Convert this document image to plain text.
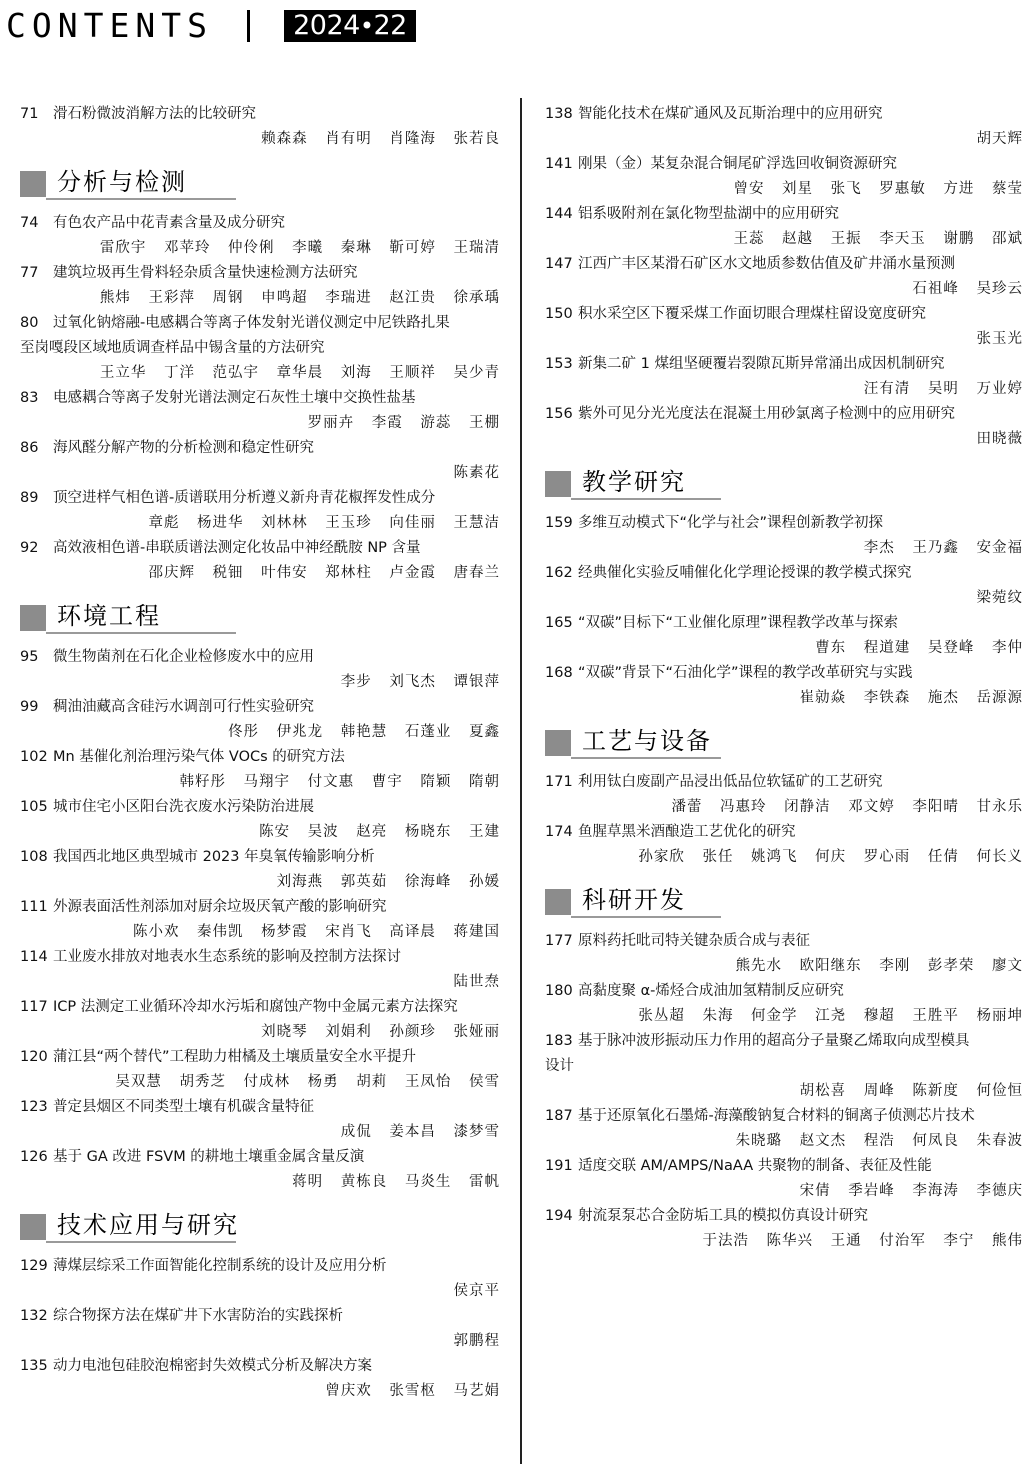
CONTENTS	2024•22
71 滑石粉微波消解方法的比较研究
赖森森 肖有明 肖隆海 张若良
分析与检测
74 有色农产品中花青素含量及成分研究
雷欣宇 邓苹玲 仲伶俐 李曦 秦琳 靳可婷 王瑞清
77 建筑垃圾再生骨料轻杂质含量快速检测方法研究
熊炜 王彩萍 周钢 申鸣超 李瑞进 赵江贵 徐承瑀
80 过氧化钠熔融-电感耦合等离子体发射光谱仪测定中尼铁路扎果
至岗嘎段区域地质调查样品中锡含量的方法研究
王立华 丁洋 范弘宇 章华晨 刘海 王顺祥 吴少青
83 电感耦合等离子发射光谱法测定石灰性土壤中交换性盐基
罗丽卉 李霞 游蕊 王棚
86 海风醛分解产物的分析检测和稳定性研究
陈素花
89 顶空进样气相色谱-质谱联用分析遵义新舟青花椒挥发性成分
章彪 杨进华 刘林林 王玉珍 向佳丽 王慧洁
92 高效液相色谱-串联质谱法测定化妆品中神经酰胺 NP 含量
邵庆辉 税钿 叶伟安 郑林柱 卢金霞 唐春兰
环境工程
95 微生物菌剂在石化企业检修废水中的应用
李步 刘飞杰 谭银萍
99 稠油油藏高含硅污水调剖可行性实验研究
佟彤 伊兆龙 韩艳慧 石蓬业 夏鑫
102 Mn 基催化剂治理污染气体 VOCs 的研究方法
韩籽彤 马翔宇 付文惠 曹宇 隋颖 隋朝
105 城市住宅小区阳台洗衣废水污染防治进展
陈安 吴波 赵亮 杨晓东 王建
108 我国西北地区典型城市 2023 年臭氧传输影响分析
刘海燕 郭英茹 徐海峰 孙媛
111 外源表面活性剂添加对厨余垃圾厌氧产酸的影响研究
陈小欢 秦伟凯 杨梦霞 宋肖飞 高译晨 蒋建国
114 工业废水排放对地表水生态系统的影响及控制方法探讨
陆世焘
117 ICP 法测定工业循环冷却水污垢和腐蚀产物中金属元素方法探究
刘晓琴 刘娟利 孙颜珍 张娅丽
120 蒲江县“两个替代”工程助力柑橘及土壤质量安全水平提升
吴双慧 胡秀芝 付成林 杨勇 胡莉 王凤怡 侯雪
123 普定县烟区不同类型土壤有机碳含量特征
成侃 姜本昌 漆梦雪
126 基于 GA 改进 FSVM 的耕地土壤重金属含量反演
蒋明 黄栋良 马炎生 雷帆
技术应用与研究
129 薄煤层综采工作面智能化控制系统的设计及应用分析
侯京平
132 综合物探方法在煤矿井下水害防治的实践探析
郭鹏程
135 动力电池包硅胶泡棉密封失效模式分析及解决方案
曾庆欢 张雪枢 马艺娟
138 智能化技术在煤矿通风及瓦斯治理中的应用研究
胡天辉
141 刚果（金）某复杂混合铜尾矿浮选回收铜资源研究
曾安 刘星 张飞 罗惠敏 方进 蔡莹
144 铝系吸附剂在氯化物型盐湖中的应用研究
王蕊 赵越 王振 李天玉 谢鹏 邵斌
147 江西广丰区某滑石矿区水文地质参数估值及矿井涌水量预测
石祖峰 吴珍云
150 积水采空区下覆采煤工作面切眼合理煤柱留设宽度研究
张玉光
153 新集二矿 1 煤组坚硬覆岩裂隙瓦斯异常涌出成因机制研究
汪有清 吴明 万业婷
156 紫外可见分光光度法在混凝土用砂氯离子检测中的应用研究
田晓薇
教学研究
159 多维互动模式下“化学与社会”课程创新教学初探
李杰 王乃鑫 安金福
162 经典催化实验反哺催化化学理论授课的教学模式探究
梁菀纹
165 “双碳”目标下“工业催化原理”课程教学改革与探索
曹东 程道建 吴登峰 李仲
168 “双碳”背景下“石油化学”课程的教学改革研究与实践
崔勍焱 李铁森 施杰 岳源源
工艺与设备
171 利用钛白废副产品浸出低品位软锰矿的工艺研究
潘蕾 冯惠玲 闭静洁 邓文婷 李阳晴 甘永乐
174 鱼腥草黑米酒酿造工艺优化的研究
孙家欣 张任 姚鸿飞 何庆 罗心雨 任倩 何长义
科研开发
177 原料药托吡司特关键杂质合成与表征
熊先水 欧阳继东 李刚 彭孝荣 廖文
180 高黏度聚 α-烯烃合成油加氢精制反应研究
张丛超 朱海 何金学 江尧 穆超 王胜平 杨丽坤
183 基于脉冲波形振动压力作用的超高分子量聚乙烯取向成型模具
设计
胡松喜 周峰 陈新度 何俭恒
187 基于还原氧化石墨烯-海藻酸钠复合材料的铜离子侦测芯片技术
朱晓璐 赵文杰 程浩 何凤良 朱春波
191 适度交联 AM/AMPS/NaAA 共聚物的制备、表征及性能
宋倩 季岩峰 李海涛 李德庆
194 射流泵泵芯合金防垢工具的模拟仿真设计研究
于法浩 陈华兴 王通 付治军 李宁 熊伟
